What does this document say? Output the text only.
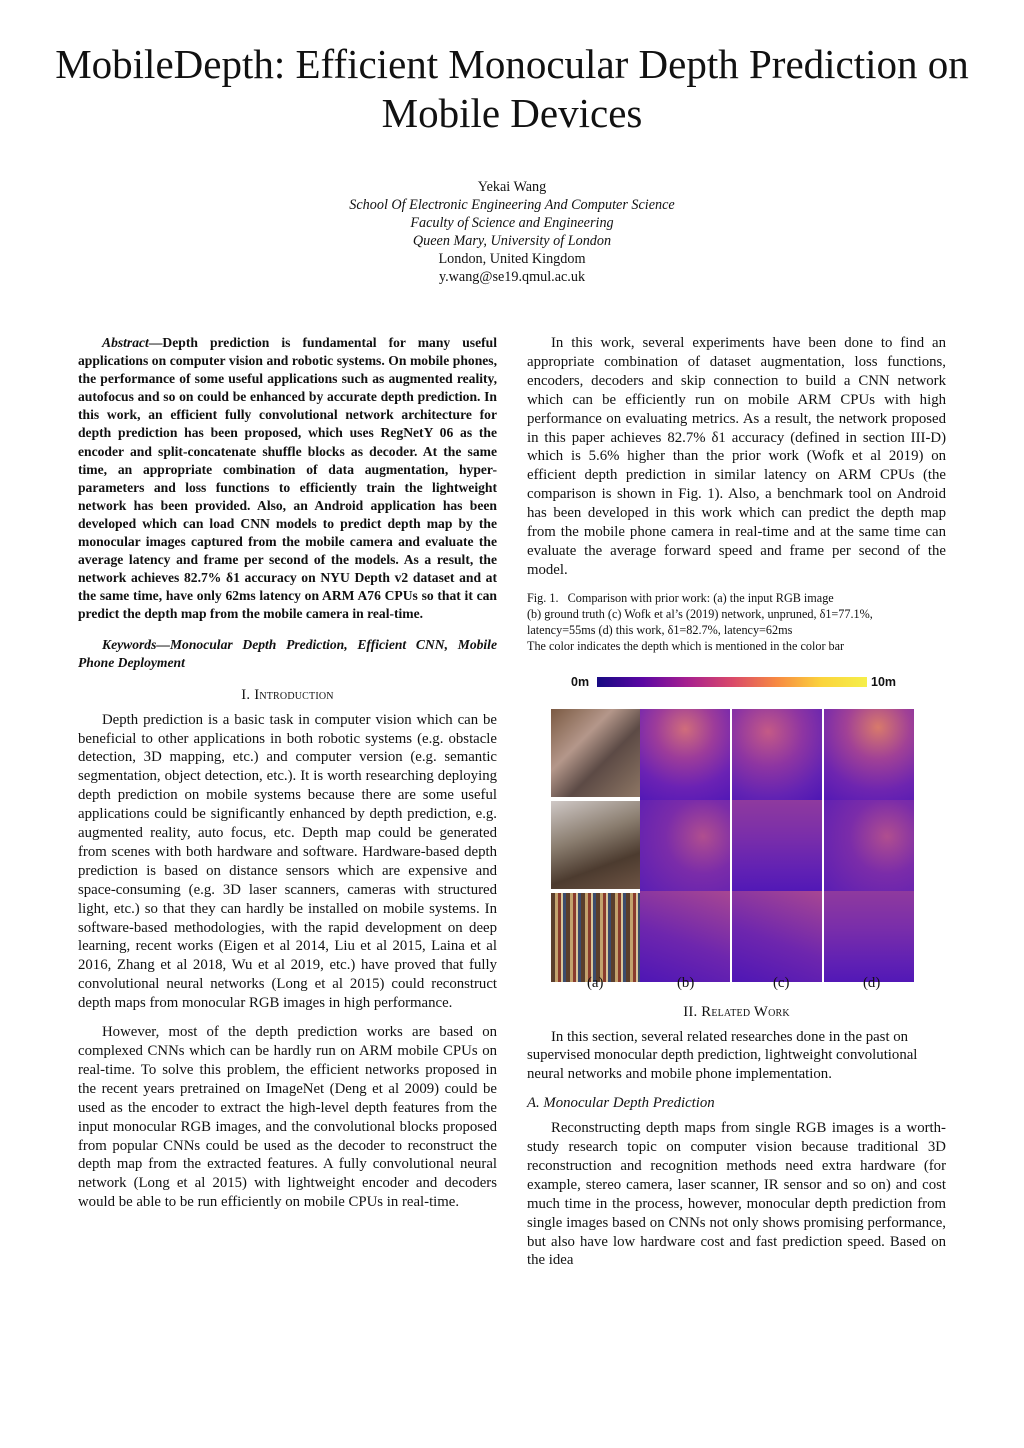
MobileDepth: Efficient Monocular Depth Prediction on Mobile Devices
Yekai Wang
School Of Electronic Engineering And Computer Science
Faculty of Science and Engineering
Queen Mary, University of London
London, United Kingdom
y.wang@se19.qmul.ac.uk

Abstract—Depth prediction is fundamental for many useful applications on computer vision and robotic systems. On mobile phones, the performance of some useful applications such as augmented reality, autofocus and so on could be enhanced by accurate depth prediction. In this work, an efficient fully convolutional network architecture for depth prediction has been proposed, which uses RegNetY 06 as the encoder and split-concatenate shuffle blocks as decoder. At the same time, an appropriate combination of data augmentation, hyper-parameters and loss functions to efficiently train the lightweight network has been provided. Also, an Android application has been developed which can load CNN models to predict depth map by the monocular images captured from the mobile camera and evaluate the average latency and frame per second of the models. As a result, the network achieves 82.7% δ1 accuracy on NYU Depth v2 dataset and at the same time, have only 62ms latency on ARM A76 CPUs so that it can predict the depth map from the mobile camera in real-time.

Keywords—Monocular Depth Prediction, Efficient CNN, Mobile Phone Deployment

I. Introduction

Depth prediction is a basic task in computer vision which can be beneficial to other applications in both robotic systems (e.g. obstacle detection, 3D mapping, etc.) and computer version (e.g. semantic segmentation, object detection, etc.). It is worth researching deploying depth prediction on mobile systems because there are some useful applications could be significantly enhanced by depth prediction, e.g. augmented reality, auto focus, etc. Depth map could be generated from scenes with both hardware and software. Hardware-based depth prediction is based on distance sensors which are expensive and space-consuming (e.g. 3D laser scanners, cameras with structured light, etc.) so that they can hardly be installed on mobile systems. In software-based methodologies, with the rapid development on deep learning, recent works (Eigen et al 2014, Liu et al 2015, Laina et al 2016, Zhang et al 2018, Wu et al 2019, etc.) have proved that fully convolutional neural networks (Long et al 2015) could reconstruct depth maps from monocular RGB images in high performance.

However, most of the depth prediction works are based on complexed CNNs which can be hardly run on ARM mobile CPUs on real-time. To solve this problem, the efficient networks proposed in the recent years pretrained on ImageNet (Deng et al 2009) could be used as the encoder to extract the high-level depth features from the input monocular RGB images, and the convolutional blocks proposed from popular CNNs could be used as the decoder to reconstruct the depth map from the extracted features. A fully convolutional neural network (Long et al 2015) with lightweight encoder and decoders would be able to be run efficiently on mobile CPUs in real-time.

In this work, several experiments have been done to find an appropriate combination of dataset augmentation, loss functions, encoders, decoders and skip connection to build a CNN network which can be efficiently run on mobile ARM CPUs with high performance on evaluating metrics. As a result, the network proposed in this paper achieves 82.7% δ1 accuracy (defined in section III-D) which is 5.6% higher than the prior work (Wofk et al 2019) on efficient depth prediction in similar latency on ARM CPUs (the comparison is shown in Fig. 1). Also, a benchmark tool on Android has been developed in this work which can predict the depth map from the mobile phone camera in real-time and at the same time can evaluate the average forward speed and frame per second of the model.

Fig. 1. Comparison with prior work: (a) the input RGB image
(b) ground truth (c) Wofk et al’s (2019) network, unpruned, δ1=77.1%,
latency=55ms (d) this work, δ1=82.7%, latency=62ms
The color indicates the depth which is mentioned in the color bar
0m	10m
(a)	(b)	(c)	(d)
II. Related Work

In this section, several related researches done in the past on supervised monocular depth prediction, lightweight convolutional neural networks and mobile phone implementation.

A. Monocular Depth Prediction

Reconstructing depth maps from single RGB images is a worth-study research topic on computer vision because traditional 3D reconstruction and recognition methods need extra hardware (for example, stereo camera, laser scanner, IR sensor and so on) and cost much time in the process, however, monocular depth prediction from single images based on CNNs not only shows promising performance, but also have low hardware cost and fast prediction speed. Based on the idea
